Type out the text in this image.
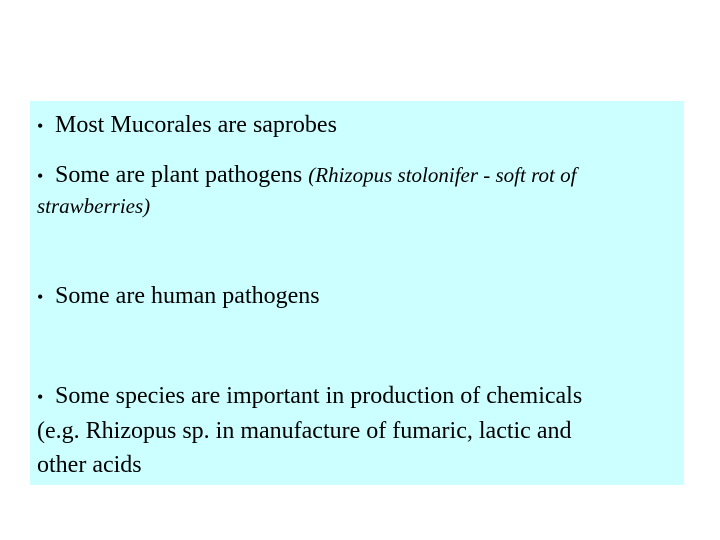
• Most Mucorales are saprobes

• Some are plant pathogens (Rhizopus stolonifer - soft rot of
strawberries)

• Some are human pathogens

• Some species are important in production of chemicals
(e.g. Rhizopus sp. in manufacture of fumaric, lactic and
other acids
